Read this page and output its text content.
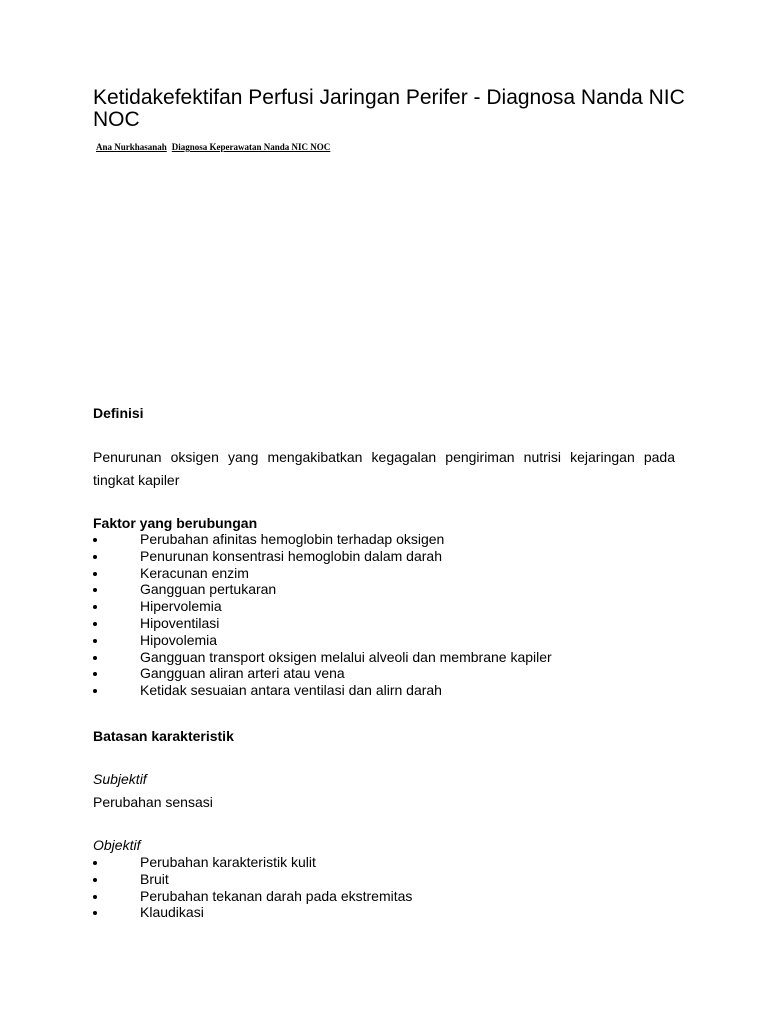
Ketidakefektifan Perfusi Jaringan Perifer - Diagnosa Nanda NIC NOC
Ana Nurkhasanah Diagnosa Keperawatan Nanda NIC NOC
Definisi

Penurunan oksigen yang mengakibatkan kegagalan pengiriman nutrisi kejaringan pada tingkat kapiler

Faktor yang berubungan
Perubahan afinitas hemoglobin terhadap oksigen
Penurunan konsentrasi hemoglobin dalam darah
Keracunan enzim
Gangguan pertukaran
Hipervolemia
Hipoventilasi
Hipovolemia
Gangguan transport oksigen melalui alveoli dan membrane kapiler
Gangguan aliran arteri atau vena
Ketidak sesuaian antara ventilasi dan alirn darah
Batasan karakteristik
Subjektif
Perubahan sensasi
Objektif
Perubahan karakteristik kulit
Bruit
Perubahan tekanan darah pada ekstremitas
Klaudikasi
